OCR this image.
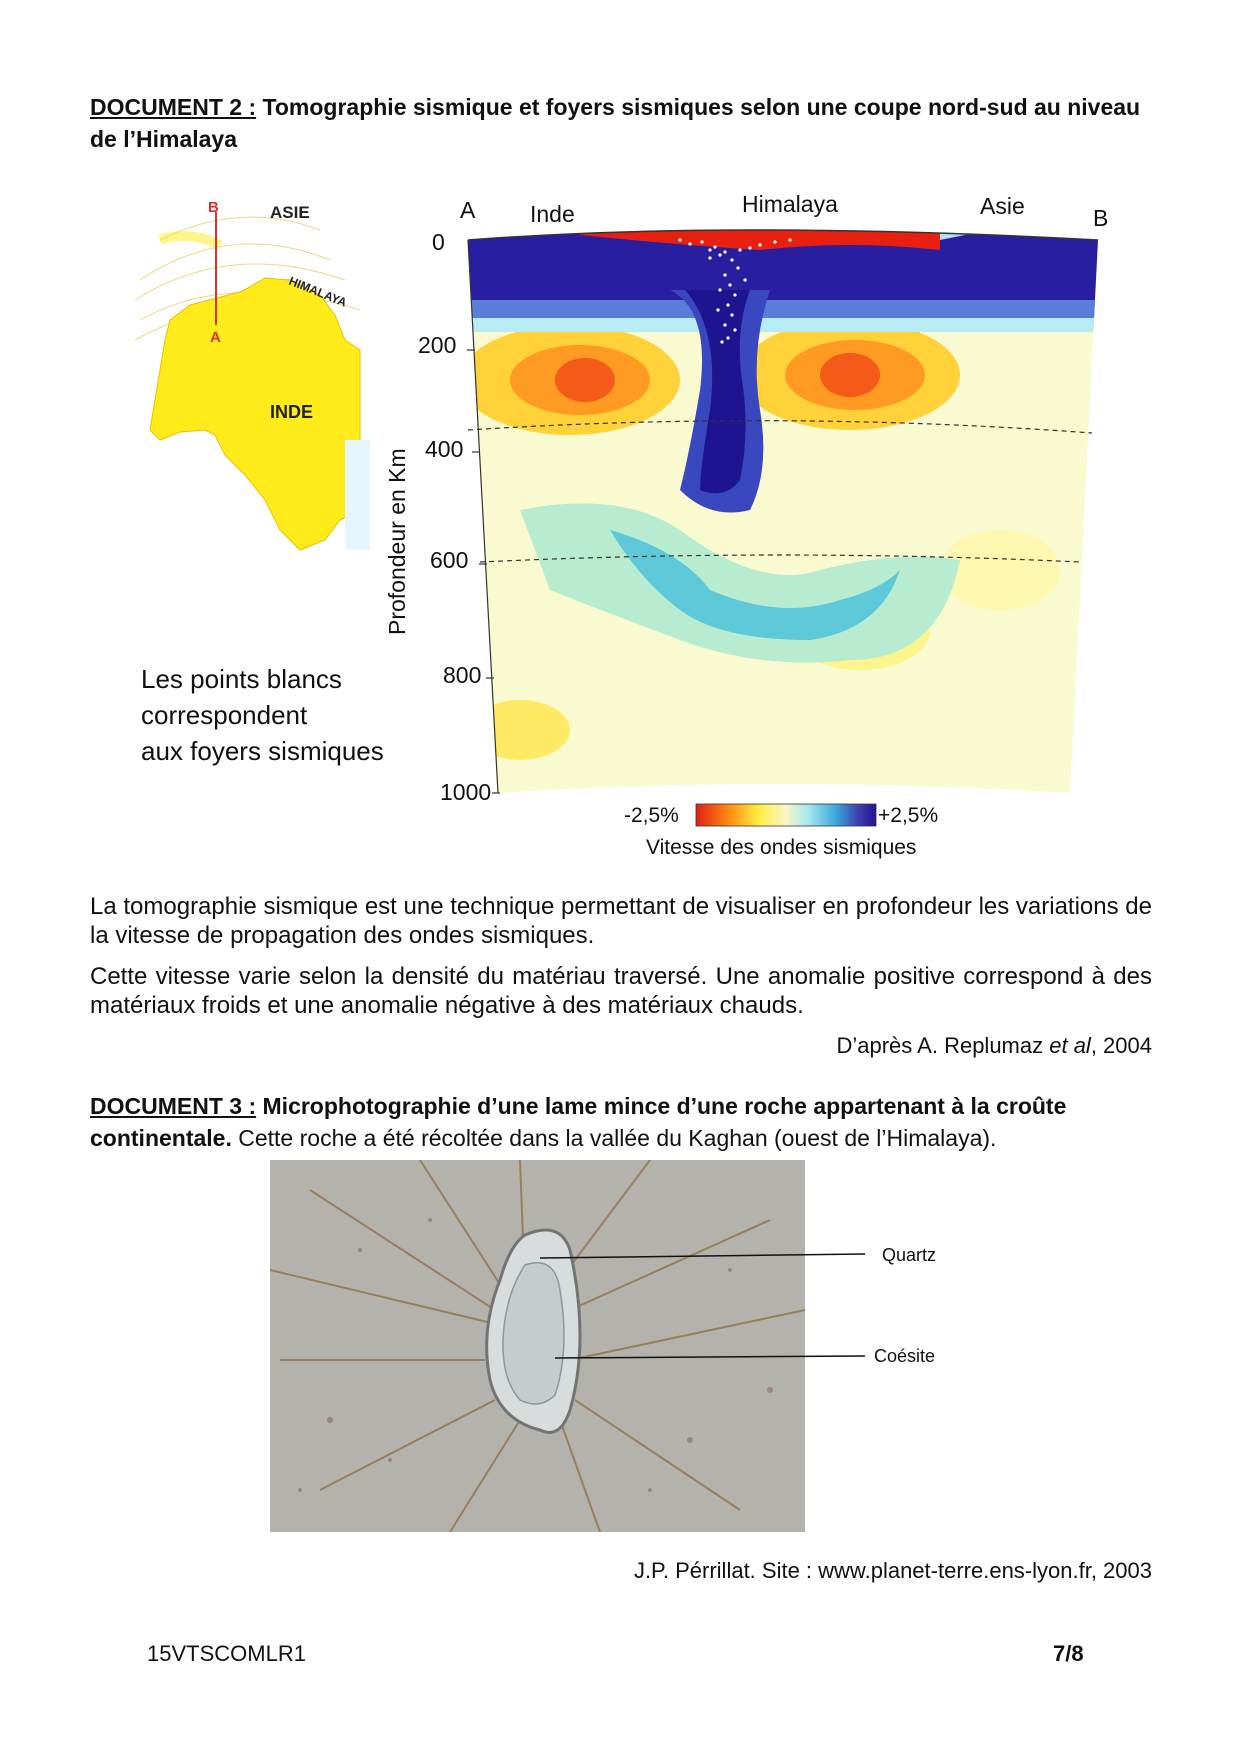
DOCUMENT 2 : Tomographie sismique et foyers sismiques selon une coupe nord-sud au niveau de l’Himalaya
B
A
ASIE
HIMALAYA
INDE
A Inde	Himalaya	Asie	B
0
200
400
600
800
1000
Profondeur en Km
-2,5%	+2,5%
Vitesse des ondes sismiques
Les points blancs
correspondent
aux foyers sismiques
La tomographie sismique est une technique permettant de visualiser en profondeur les variations de la vitesse de propagation des ondes sismiques.
Cette vitesse varie selon la densité du matériau traversé. Une anomalie positive correspond à des matériaux froids et une anomalie négative à des matériaux chauds.
D’après A. Replumaz et al, 2004
DOCUMENT 3 : Microphotographie d’une lame mince d’une roche appartenant à la croûte continentale. Cette roche a été récoltée dans la vallée du Kaghan (ouest de l’Himalaya).
Quartz
Coésite
J.P. Pérrillat. Site : www.planet-terre.ens-lyon.fr, 2003
15VTSCOMLR1	7/8
